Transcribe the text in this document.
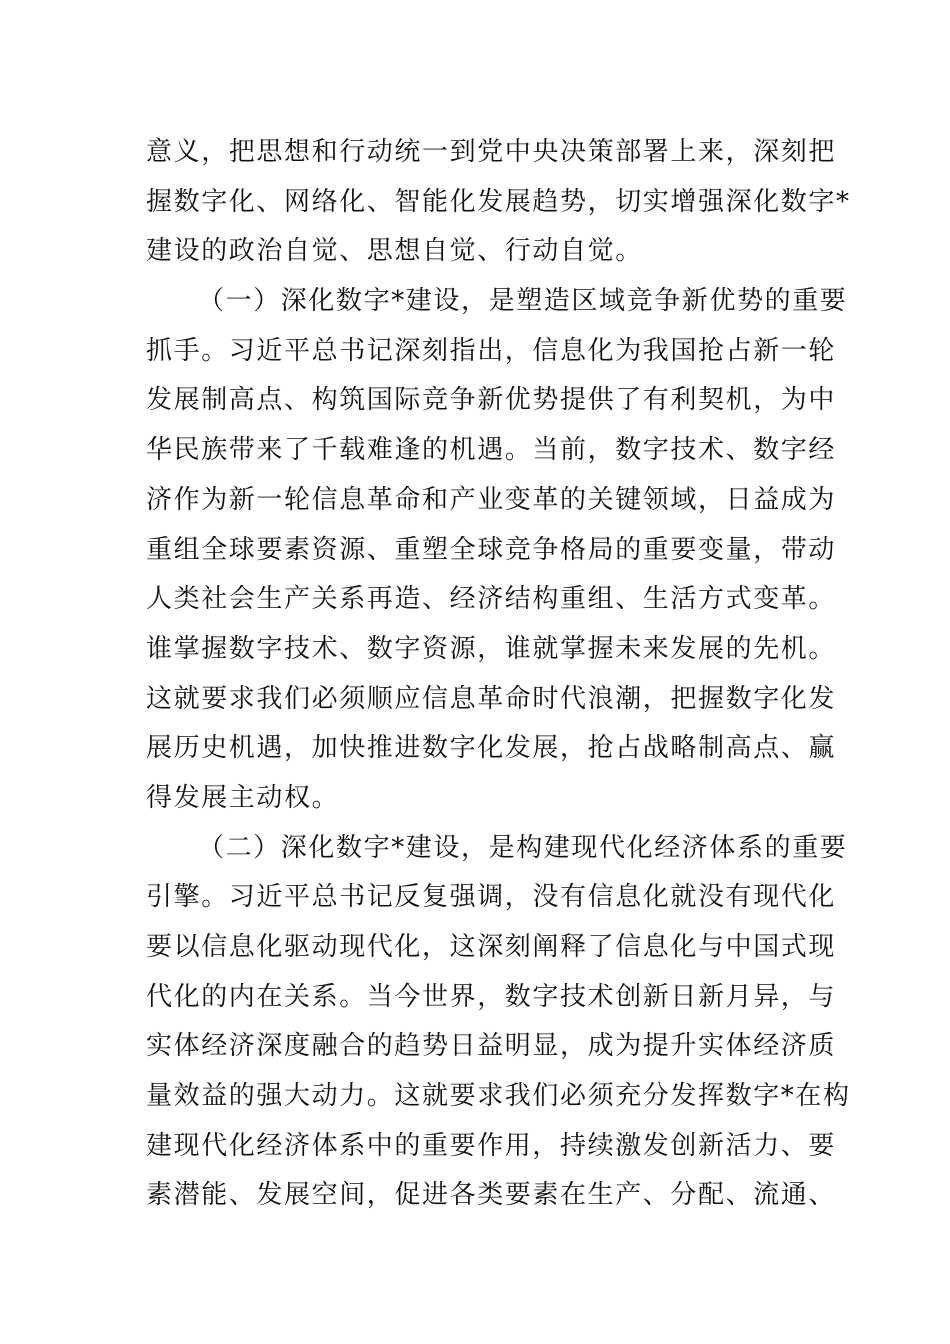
意义，把思想和行动统一到党中央决策部署上来，深刻把
握数字化、网络化、智能化发展趋势，切实增强深化数字*
建设的政治自觉、思想自觉、行动自觉。
（一）深化数字*建设，是塑造区域竞争新优势的重要
抓手。习近平总书记深刻指出，信息化为我国抢占新一轮
发展制高点、构筑国际竞争新优势提供了有利契机，为中
华民族带来了千载难逢的机遇。当前，数字技术、数字经
济作为新一轮信息革命和产业变革的关键领域，日益成为
重组全球要素资源、重塑全球竞争格局的重要变量，带动
人类社会生产关系再造、经济结构重组、生活方式变革。
谁掌握数字技术、数字资源，谁就掌握未来发展的先机。
这就要求我们必须顺应信息革命时代浪潮，把握数字化发
展历史机遇，加快推进数字化发展，抢占战略制高点、赢
得发展主动权。
（二）深化数字*建设，是构建现代化经济体系的重要
引擎。习近平总书记反复强调，没有信息化就没有现代化
要以信息化驱动现代化，这深刻阐释了信息化与中国式现
代化的内在关系。当今世界，数字技术创新日新月异，与
实体经济深度融合的趋势日益明显，成为提升实体经济质
量效益的强大动力。这就要求我们必须充分发挥数字*在构
建现代化经济体系中的重要作用，持续激发创新活力、要
素潜能、发展空间，促进各类要素在生产、分配、流通、
